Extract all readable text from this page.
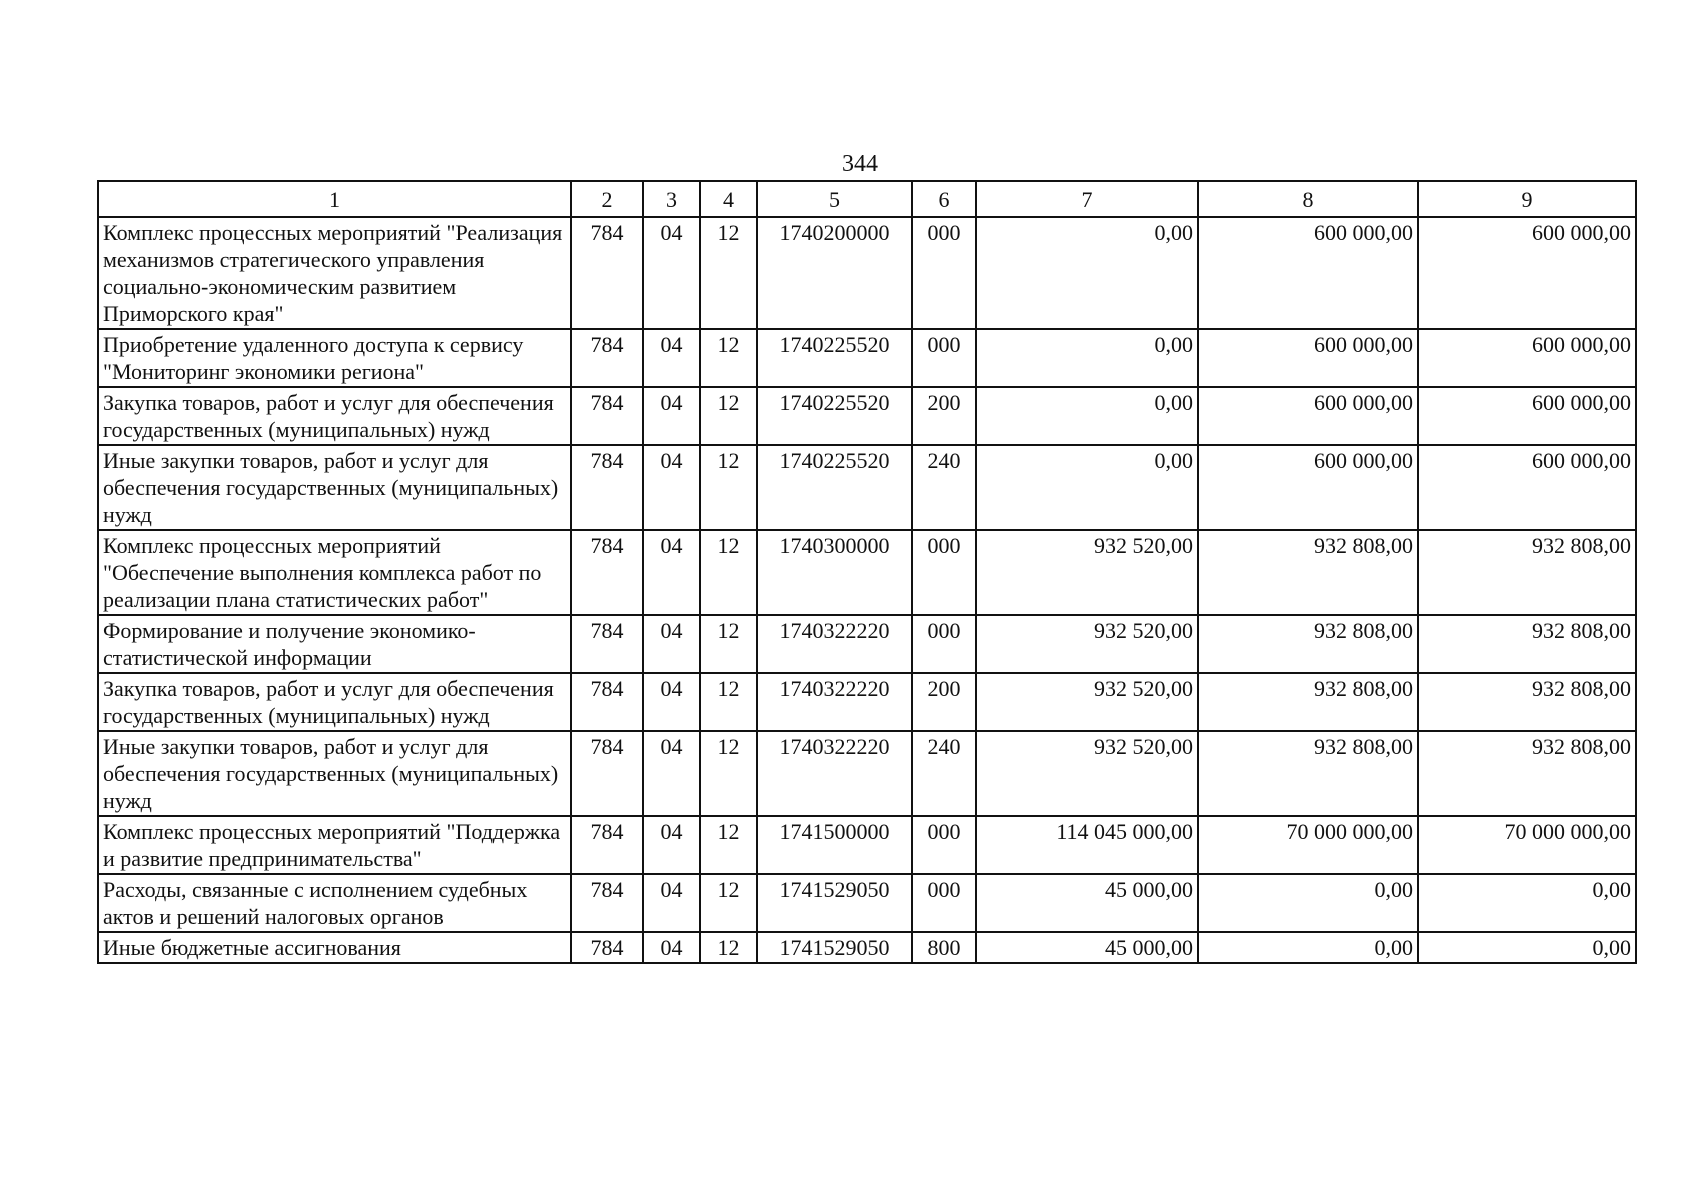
344
1	2	3	4	5	6	7	8	9
Комплекс процессных мероприятий "Реализация механизмов стратегического управления социально-экономическим развитием Приморского края"	784	04	12	1740200000	000	0,00	600 000,00	600 000,00
Приобретение удаленного доступа к сервису "Мониторинг экономики региона"	784	04	12	1740225520	000	0,00	600 000,00	600 000,00
Закупка товаров, работ и услуг для обеспечения государственных (муниципальных) нужд	784	04	12	1740225520	200	0,00	600 000,00	600 000,00
Иные закупки товаров, работ и услуг для обеспечения государственных (муниципальных) нужд	784	04	12	1740225520	240	0,00	600 000,00	600 000,00
Комплекс процессных мероприятий "Обеспечение выполнения комплекса работ по реализации плана статистических работ"	784	04	12	1740300000	000	932 520,00	932 808,00	932 808,00
Формирование и получение экономико-статистической информации	784	04	12	1740322220	000	932 520,00	932 808,00	932 808,00
Закупка товаров, работ и услуг для обеспечения государственных (муниципальных) нужд	784	04	12	1740322220	200	932 520,00	932 808,00	932 808,00
Иные закупки товаров, работ и услуг для обеспечения государственных (муниципальных) нужд	784	04	12	1740322220	240	932 520,00	932 808,00	932 808,00
Комплекс процессных мероприятий "Поддержка и развитие предпринимательства"	784	04	12	1741500000	000	114 045 000,00	70 000 000,00	70 000 000,00
Расходы, связанные с исполнением судебных актов и решений налоговых органов	784	04	12	1741529050	000	45 000,00	0,00	0,00
Иные бюджетные ассигнования	784	04	12	1741529050	800	45 000,00	0,00	0,00
